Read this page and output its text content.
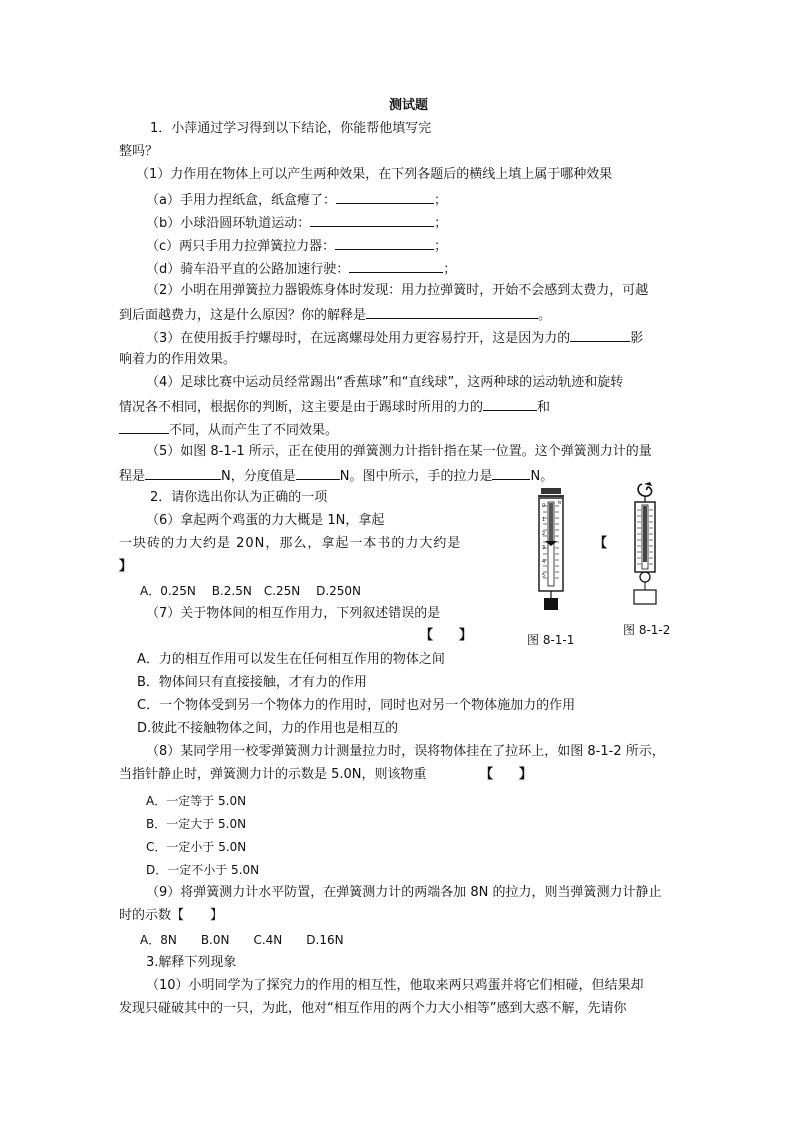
测试题
1．小萍通过学习得到以下结论，你能帮他填写完
整吗？
（1）力作用在物体上可以产生两种效果，在下列各题后的横线上填上属于哪种效果
（a）手用力捏纸盒，纸盒瘪了：	；
（b）小球沿圆环轨道运动：	；
（c）两只手用力拉弹簧拉力器：	；
（d）骑车沿平直的公路加速行驶：	；
（2）小明在用弹簧拉力器锻炼身体时发现：用力拉弹簧时，开始不会感到太费力，可越
到后面越费力，这是什么原因？你的解释是	。
（3）在使用扳手拧螺母时，在远离螺母处用力更容易拧开，这是因为力的	影
响着力的作用效果。
（4）足球比赛中运动员经常踢出“香蕉球”和“直线球”，这两种球的运动轨迹和旋转
情况各不相同，根据你的判断，这主要是由于踢球时所用的力的	和
不同，从而产生了不同效果。
（5）如图 8-1-1 所示，正在使用的弹簧测力计指针指在某一位置。这个弹簧测力计的量
程是	N，分度值是	N。图中所示，手的拉力是	N。
2．请你选出你认为正确的一项
（6）拿起两个鸡蛋的力大概是 1N，拿起
一块砖的力大约是 20N，那么，拿起一本书的力大约是	【
】
A．0.25N　 B.2.5N　C.25N　 D.250N
（7）关于物体间的相互作用力，下列叙述错误的是
【　　】
A．力的相互作用可以发生在任何相互作用的物体之间
B．物体间只有直接接触，才有力的作用
C．一个物体受到另一个物体力的作用时，同时也对另一个物体施加力的作用
D.彼此不接触物体之间，力的作用也是相互的
（8）某同学用一校零弹簧测力计测量拉力时，误将物体挂在了拉环上，如图 8-1-2 所示，
当指针静止时，弹簧测力计的示数是 5.0N，则该物重	【　　】
A．一定等于 5.0N
B．一定大于 5.0N
C．一定小于 5.0N
D．一定不小于 5.0N
（9）将弹簧测力计水平防置，在弹簧测力计的两端各加 8N 的拉力，则当弹簧测力计静止
时的示数【　　】
A．8N　　B.0N　　C.4N　　D.16N
3.解释下列现象
（10）小明同学为了探究力的作用的相互性，他取来两只鸡蛋并将它们相碰，但结果却
发现只碰破其中的一只，为此，他对“相互作用的两个力大小相等”感到大惑不解，先请你
0
1
2
3
4
5
N
图 8-1-1
图 8-1-2
